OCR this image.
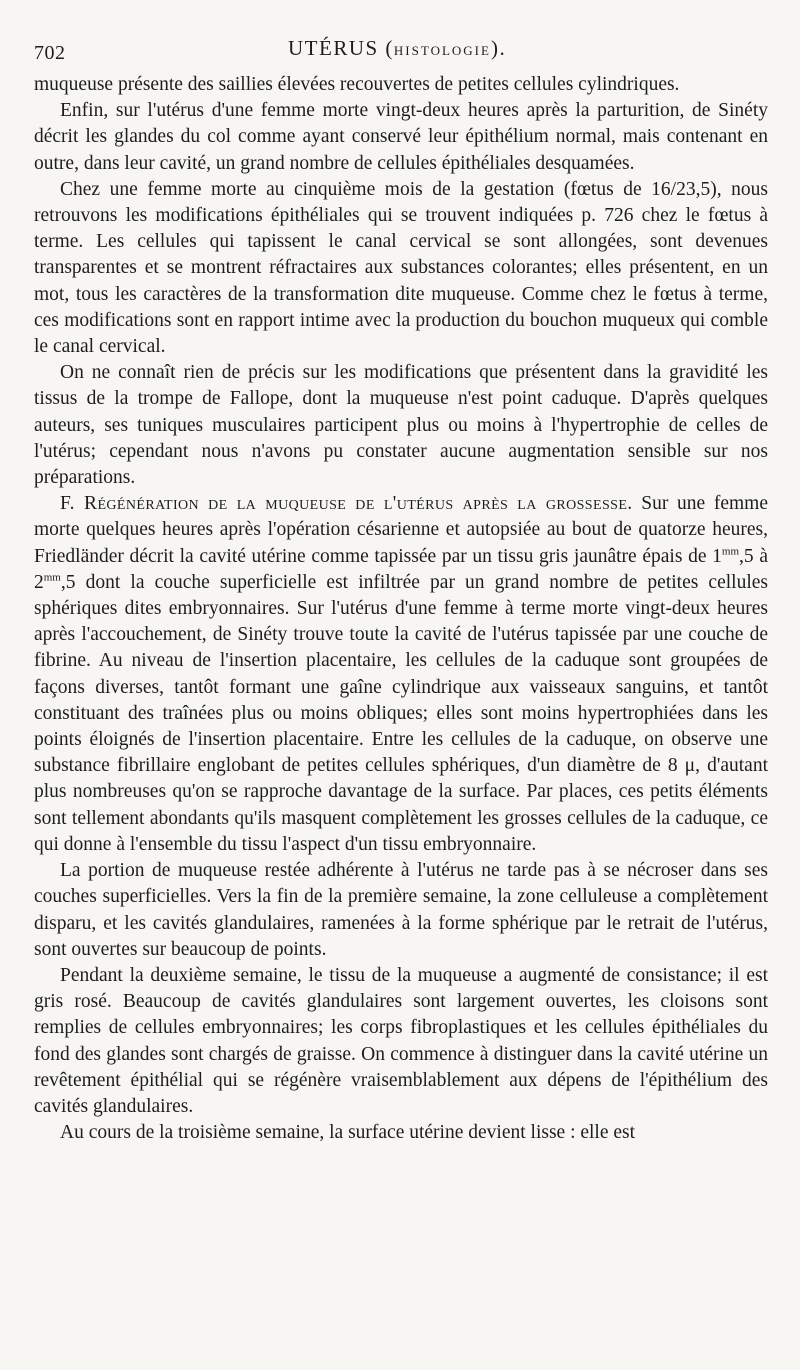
702	UTÉRUS (HISTOLOGIE).

muqueuse présente des saillies élevées recouvertes de petites cellules cylindriques.

Enfin, sur l'utérus d'une femme morte vingt-deux heures après la parturition, de Sinéty décrit les glandes du col comme ayant conservé leur épithélium normal, mais contenant en outre, dans leur cavité, un grand nombre de cellules épithéliales desquamées.

Chez une femme morte au cinquième mois de la gestation (fœtus de 16/23,5), nous retrouvons les modifications épithéliales qui se trouvent indiquées p. 726 chez le fœtus à terme. Les cellules qui tapissent le canal cervical se sont allongées, sont devenues transparentes et se montrent réfractaires aux substances colorantes; elles présentent, en un mot, tous les caractères de la transformation dite muqueuse. Comme chez le fœtus à terme, ces modifications sont en rapport intime avec la production du bouchon muqueux qui comble le canal cervical.

On ne connaît rien de précis sur les modifications que présentent dans la gravidité les tissus de la trompe de Fallope, dont la muqueuse n'est point caduque. D'après quelques auteurs, ses tuniques musculaires participent plus ou moins à l'hypertrophie de celles de l'utérus; cependant nous n'avons pu constater aucune augmentation sensible sur nos préparations.

F. Régénération de la muqueuse de l'utérus après la grossesse. Sur une femme morte quelques heures après l'opération césarienne et autopsiée au bout de quatorze heures, Friedländer décrit la cavité utérine comme tapissée par un tissu gris jaunâtre épais de $1^{mm},5$ à $2^{mm},5$ dont la couche superficielle est infiltrée par un grand nombre de petites cellules sphériques dites embryonnaires. Sur l'utérus d'une femme à terme morte vingt-deux heures après l'accouchement, de Sinéty trouve toute la cavité de l'utérus tapissée par une couche de fibrine. Au niveau de l'insertion placentaire, les cellules de la caduque sont groupées de façons diverses, tantôt formant une gaîne cylindrique aux vaisseaux sanguins, et tantôt constituant des traînées plus ou moins obliques; elles sont moins hypertrophiées dans les points éloignés de l'insertion placentaire. Entre les cellules de la caduque, on observe une substance fibrillaire englobant de petites cellules sphériques, d'un diamètre de 8 μ, d'autant plus nombreuses qu'on se rapproche davantage de la surface. Par places, ces petits éléments sont tellement abondants qu'ils masquent complètement les grosses cellules de la caduque, ce qui donne à l'ensemble du tissu l'aspect d'un tissu embryonnaire.

La portion de muqueuse restée adhérente à l'utérus ne tarde pas à se nécroser dans ses couches superficielles. Vers la fin de la première semaine, la zone celluleuse a complètement disparu, et les cavités glandulaires, ramenées à la forme sphérique par le retrait de l'utérus, sont ouvertes sur beaucoup de points.

Pendant la deuxième semaine, le tissu de la muqueuse a augmenté de consistance; il est gris rosé. Beaucoup de cavités glandulaires sont largement ouvertes, les cloisons sont remplies de cellules embryonnaires; les corps fibroplastiques et les cellules épithéliales du fond des glandes sont chargés de graisse. On commence à distinguer dans la cavité utérine un revêtement épithélial qui se régénère vraisemblablement aux dépens de l'épithélium des cavités glandulaires.

Au cours de la troisième semaine, la surface utérine devient lisse : elle est
